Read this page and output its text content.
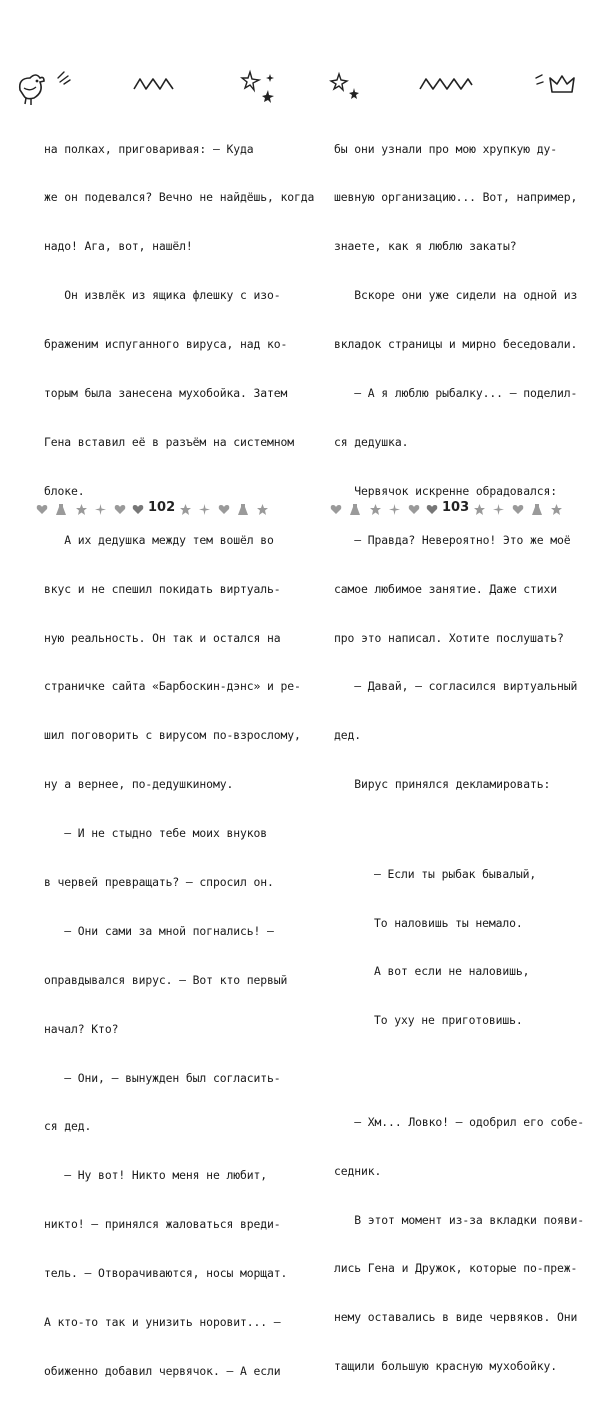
на полках, приговаривая: — Куда

же он подевался? Вечно не найдёшь, когда

надо! Ага, вот, нашёл!

Он извлёк из ящика флешку с изо-

браженим испуганного вируса, над ко-

торым была занесена мухобойка. Затем

Гена вставил её в разъём на системном

блоке.

А их дедушка между тем вошёл во

вкус и не спешил покидать виртуаль-

ную реальность. Он так и остался на

страничке сайта «Барбоскин-дэнс» и ре-

шил поговорить с вирусом по-взрослому,

ну а вернее, по-дедушкиному.

— И не стыдно тебе моих внуков

в червей превращать? — спросил он.

— Они сами за мной погнались! —

оправдывался вирус. — Вот кто первый

начал? Кто?

— Они, — вынужден был согласить-

ся дед.

— Ну вот! Никто меня не любит,

никто! — принялся жаловаться вреди-

тель. — Отворачиваются, носы морщат.

А кто-то так и унизить норовит... —

обиженно добавил червячок. — А если

102

бы они узнали про мою хрупкую ду-

шевную организацию... Вот, например,

знаете, как я люблю закаты?

Вскоре они уже сидели на одной из

вкладок страницы и мирно беседовали.

— А я люблю рыбалку... — поделил-

ся дедушка.

Червячок искренне обрадовался:

— Правда? Невероятно! Это же моё

самое любимое занятие. Даже стихи

про это написал. Хотите послушать?

— Давай, — согласился виртуальный

дед.

Вирус принялся декламировать:

— Если ты рыбак бывалый,

То наловишь ты немало.

А вот если не наловишь,

То уху не приготовишь.

— Хм... Ловко! — одобрил его собе-

седник.

В этот момент из-за вкладки появи-

лись Гена и Дружок, которые по-преж-

нему оставались в виде червяков. Они

тащили большую красную мухобойку.

103
